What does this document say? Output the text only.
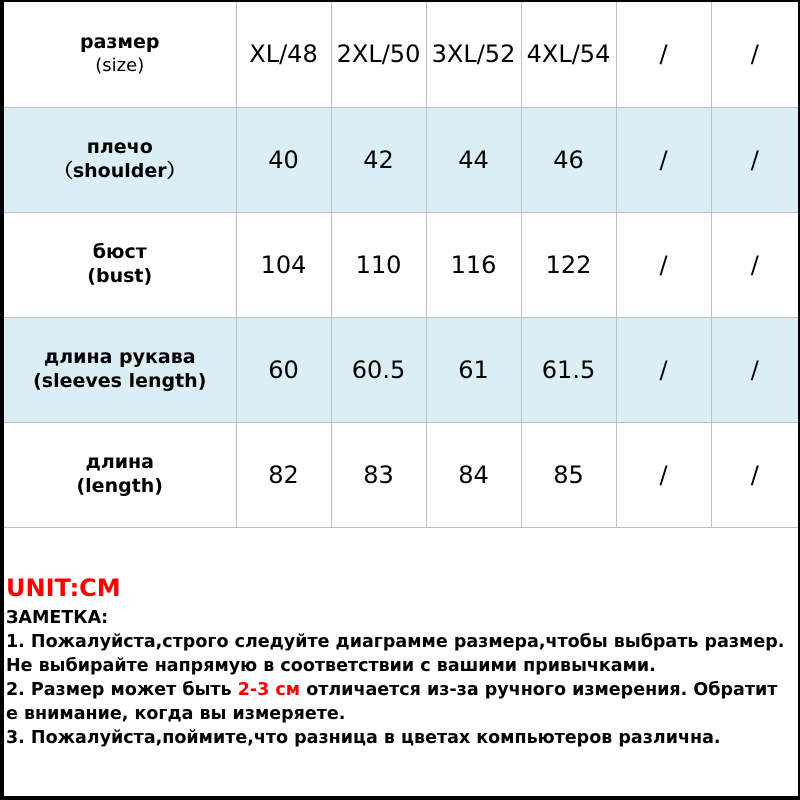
размер
(size)	XL/48	2XL/50	3XL/52	4XL/54	/	/

плечо
（shoulder）	40	42	44	46	/	/

бюст
(bust)	104	110	116	122	/	/

длина рукава
(sleeves length)	60	60.5	61	61.5	/	/

длина
(length)	82	83	84	85	/	/
UNIT:CM

ЗАМЕТКА:

1. Пожалуйста,строго следуйте диаграмме размера,чтобы выбрать размер.

Не выбирайте напрямую в соответствии с вашими привычками.

2. Размер может быть 2-3 см отличается из-за ручного измерения. Обратит

е внимание, когда вы измеряете.

3. Пожалуйста,поймите,что разница в цветах компьютеров различна.
